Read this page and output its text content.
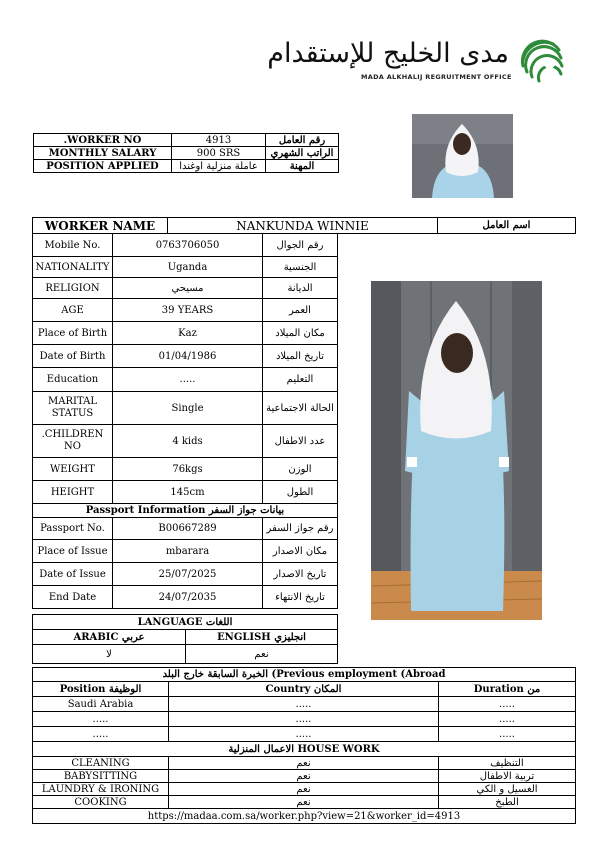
مدى الخليج للإستقدام
MADA ALKHALIJ REGRUITMENT OFFICE
.WORKER NO	4913	رقم العامل
MONTHLY SALARY	900 SRS	الراتب الشهري
POSITION APPLIED	عاملة منزلية اوغندا	المهنة
WORKER NAME	NANKUNDA WINNIE	اسم العامل
Mobile No.	0763706050	رقم الجوال
NATIONALITY	Uganda	الجنسية
RELIGION	مسيحي	الديانة
AGE	39 YEARS	العمر
Place of Birth	Kaz	مكان الميلاد
Date of Birth	01/04/1986	تاريخ الميلاد
Education	.....	التعليم
MARITAL STATUS	Single	الحالة الاجتماعية
.CHILDREN NO	4 kids	عدد الاطفال
WEIGHT	76kgs	الوزن
HEIGHT	145cm	الطول
بيانات جواز السفر Passport Information		
Passport No.	B00667289	رقم جواز السفر
Place of Issue	mbarara	مكان الاصدار
Date of Issue	25/07/2025	تاريخ الاصدار
End Date	24/07/2035	تاريخ الانتهاء
اللغات LANGUAGE	
عربي ARABIC	انجليزي ENGLISH
لا	نعم
الخبرة السابقة خارج البلد (Previous employment (Abroad		
الوظيفة Position	المكان Country	من Duration
Saudi Arabia	.....	.....
.....	.....	.....
.....	.....	.....
الاعمال المنزلية HOUSE WORK		
CLEANING	نعم	التنظيف
BABYSITTING	نعم	تربية الاطفال
LAUNDRY & IRONING	نعم	الغسيل و الكي
COOKING	نعم	الطبخ
https://madaa.com.sa/worker.php?view=21&worker_id=4913		
